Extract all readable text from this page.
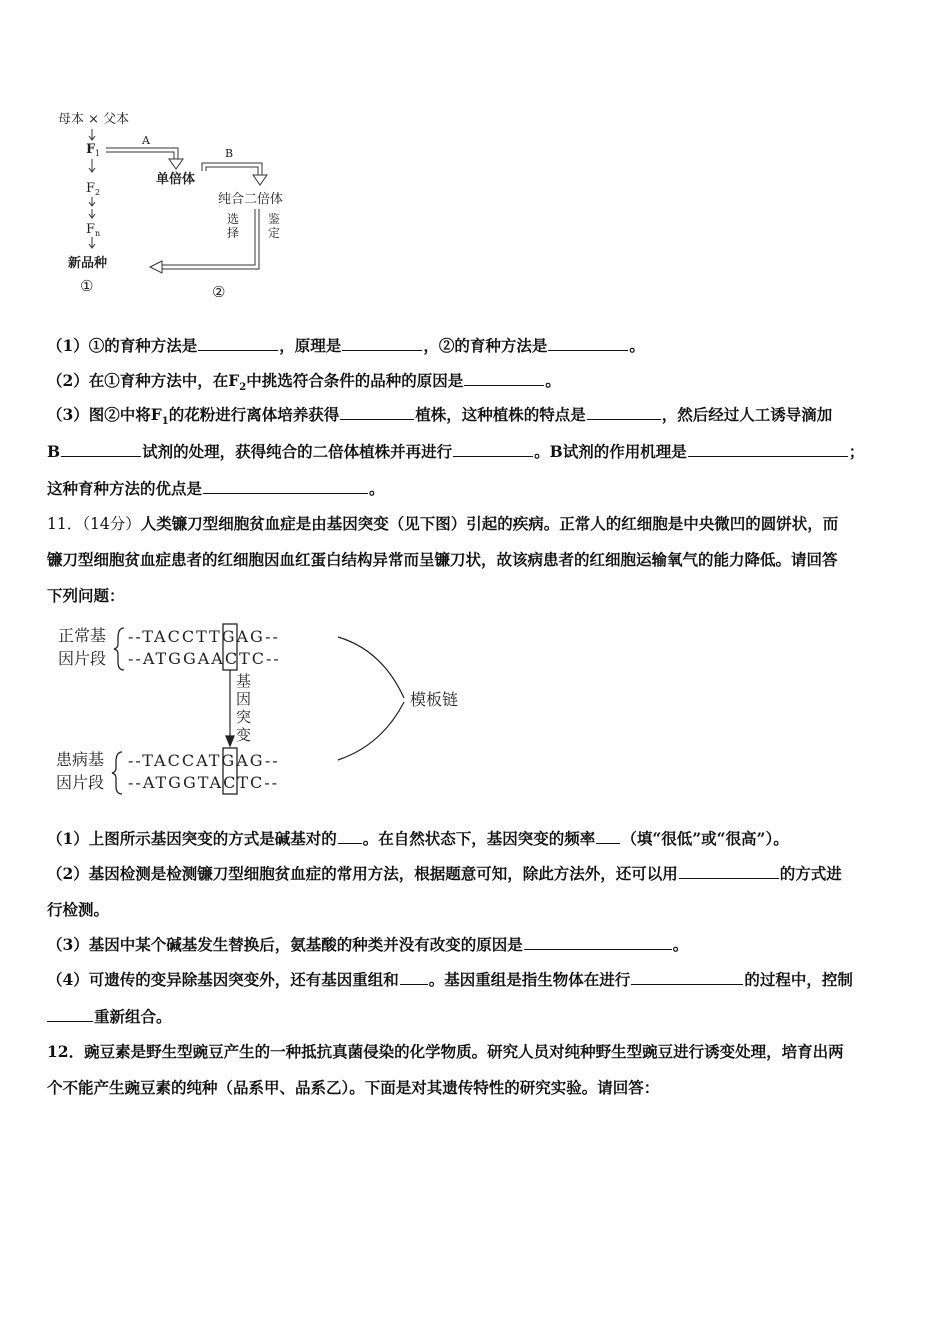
母本 × 父本
F 1
F 2
F n
新品种
①
A
单倍体
B
纯合二倍体
选
择
鉴
定
②
（1）①的育种方法是	，原理是	，②的育种方法是	。
（2）在①育种方法中，在$F_2$中挑选符合条件的品种的原因是	。
（3）图②中将$F_1$的花粉进行离体培养获得	植株，这种植株的特点是	，然后经过人工诱导滴加
B	试剂的处理，获得纯合的二倍体植株并再进行	。B试剂的作用机理是	；
这种育种方法的优点是	。
11．（14分）人类镰刀型细胞贫血症是由基因突变（见下图）引起的疾病。正常人的红细胞是中央微凹的圆饼状，而
镰刀型细胞贫血症患者的红细胞因血红蛋白结构异常而呈镰刀状，故该病患者的红细胞运输氧气的能力降低。请回答
下列问题：
正常基
因片段
患病基
因片段
--TACCTTGAG--
--ATGGAACTC--
--TACCATGAG--
--ATGGTACTC--
基
因
突
变
模板链
（1）上图所示基因突变的方式是碱基对的 。在自然状态下，基因突变的频率 （填“很低”或“很高”）。
（2）基因检测是检测镰刀型细胞贫血症的常用方法，根据题意可知，除此方法外，还可以用	的方式进
行检测。
（3）基因中某个碱基发生替换后，氨基酸的种类并没有改变的原因是	。
（4）可遗传的变异除基因突变外，还有基因重组和 。基因重组是指生物体在进行	的过程中，控制
重新组合。
12．豌豆素是野生型豌豆产生的一种抵抗真菌侵染的化学物质。研究人员对纯种野生型豌豆进行诱变处理，培育出两
个不能产生豌豆素的纯种（品系甲、品系乙）。下面是对其遗传特性的研究实验。请回答：
